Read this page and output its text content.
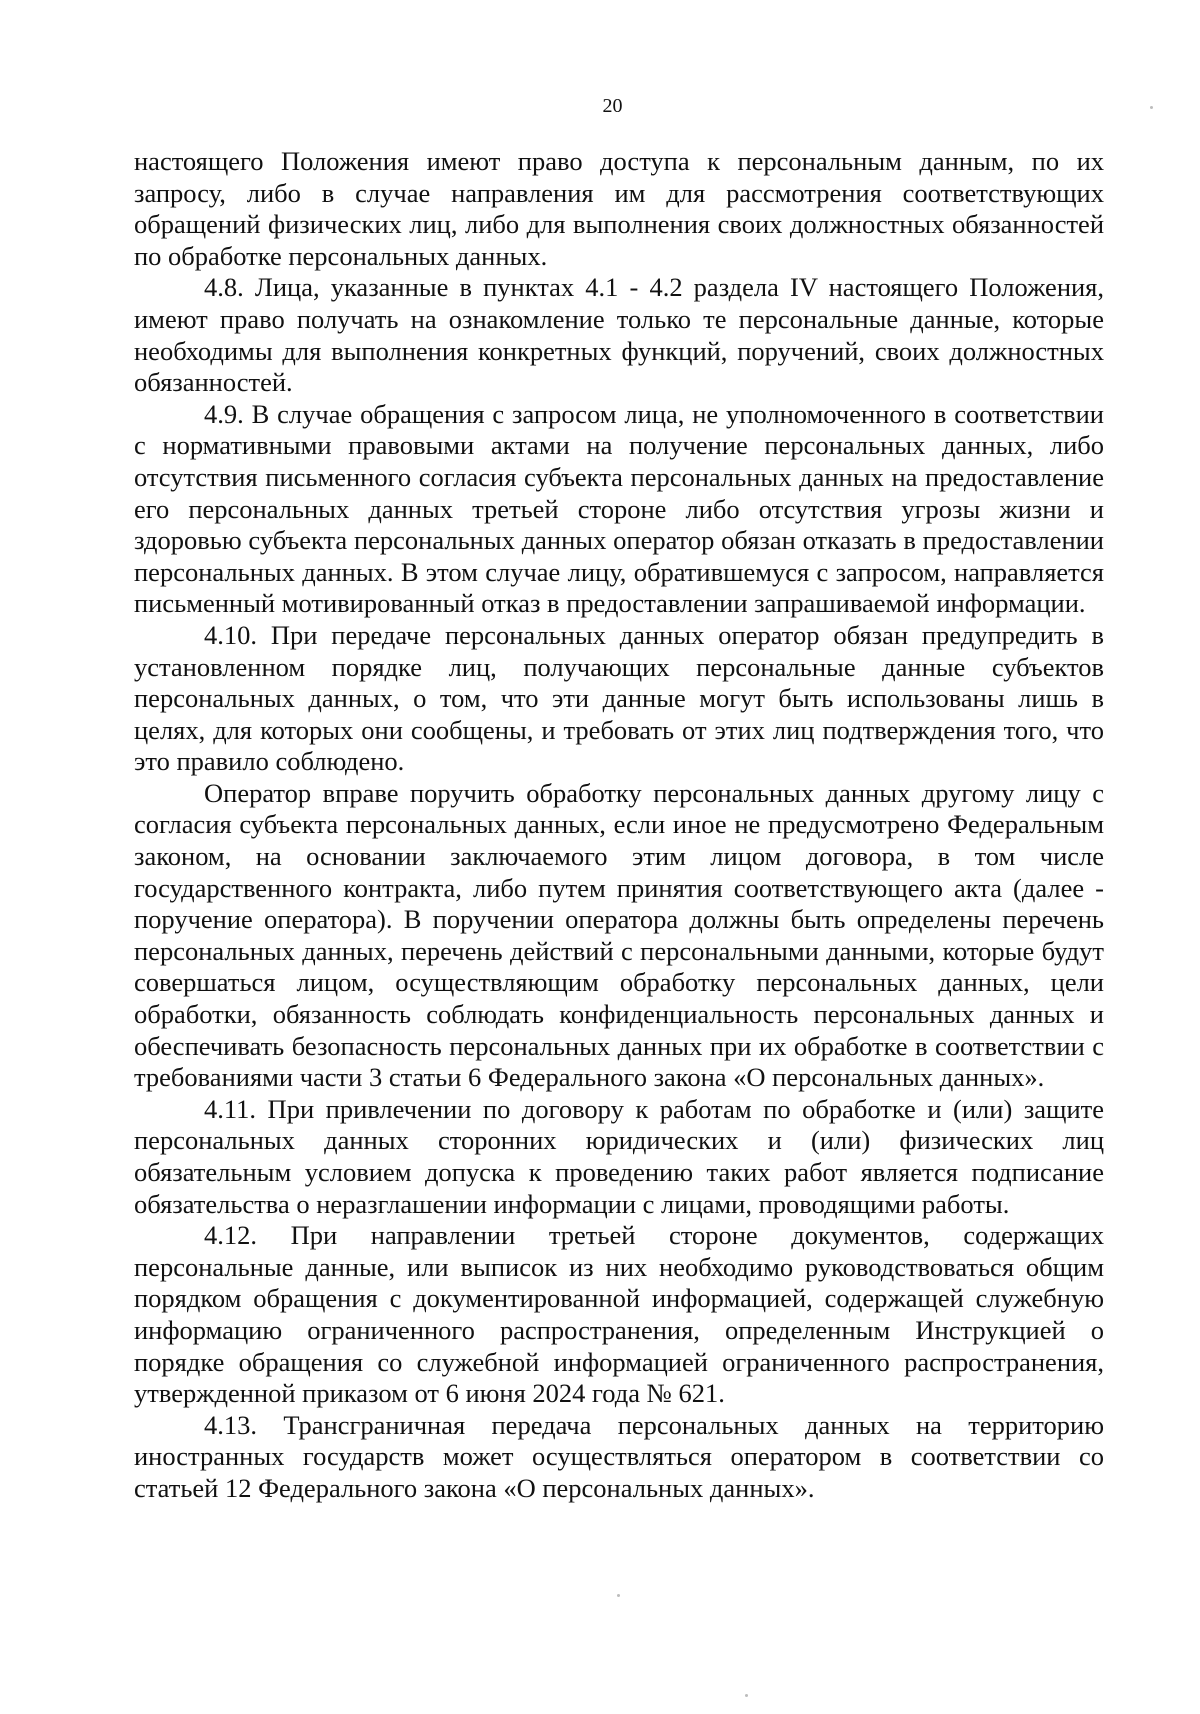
20

настоящего Положения имеют право доступа к персональным данным, по их запросу, либо в случае направления им для рассмотрения соответствующих обращений физических лиц, либо для выполнения своих должностных обязанностей по обработке персональных данных.

4.8. Лица, указанные в пунктах 4.1 - 4.2 раздела IV настоящего Положения, имеют право получать на ознакомление только те персональные данные, которые необходимы для выполнения конкретных функций, поручений, своих должностных обязанностей.

4.9. В случае обращения с запросом лица, не уполномоченного в соответствии с нормативными правовыми актами на получение персональных данных, либо отсутствия письменного согласия субъекта персональных данных на предоставление его персональных данных третьей стороне либо отсутствия угрозы жизни и здоровью субъекта персональных данных оператор обязан отказать в предоставлении персональных данных. В этом случае лицу, обратившемуся с запросом, направляется письменный мотивированный отказ в предоставлении запрашиваемой информации.

4.10. При передаче персональных данных оператор обязан предупредить в установленном порядке лиц, получающих персональные данные субъектов персональных данных, о том, что эти данные могут быть использованы лишь в целях, для которых они сообщены, и требовать от этих лиц подтверждения того, что это правило соблюдено.

Оператор вправе поручить обработку персональных данных другому лицу с согласия субъекта персональных данных, если иное не предусмотрено Федеральным законом, на основании заключаемого этим лицом договора, в том числе государственного контракта, либо путем принятия соответствующего акта (далее - поручение оператора). В поручении оператора должны быть определены перечень персональных данных, перечень действий с персональными данными, которые будут совершаться лицом, осуществляющим обработку персональных данных, цели обработки, обязанность соблюдать конфиденциальность персональных данных и обеспечивать безопасность персональных данных при их обработке в соответствии с требованиями части 3 статьи 6 Федерального закона «О персональных данных».

4.11. При привлечении по договору к работам по обработке и (или) защите персональных данных сторонних юридических и (или) физических лиц обязательным условием допуска к проведению таких работ является подписание обязательства о неразглашении информации с лицами, проводящими работы.

4.12. При направлении третьей стороне документов, содержащих персональные данные, или выписок из них необходимо руководствоваться общим порядком обращения с документированной информацией, содержащей служебную информацию ограниченного распространения, определенным Инструкцией о порядке обращения со служебной информацией ограниченного распространения, утвержденной приказом от 6 июня 2024 года № 621.

4.13. Трансграничная передача персональных данных на территорию иностранных государств может осуществляться оператором в соответствии со статьей 12 Федерального закона «О персональных данных».
